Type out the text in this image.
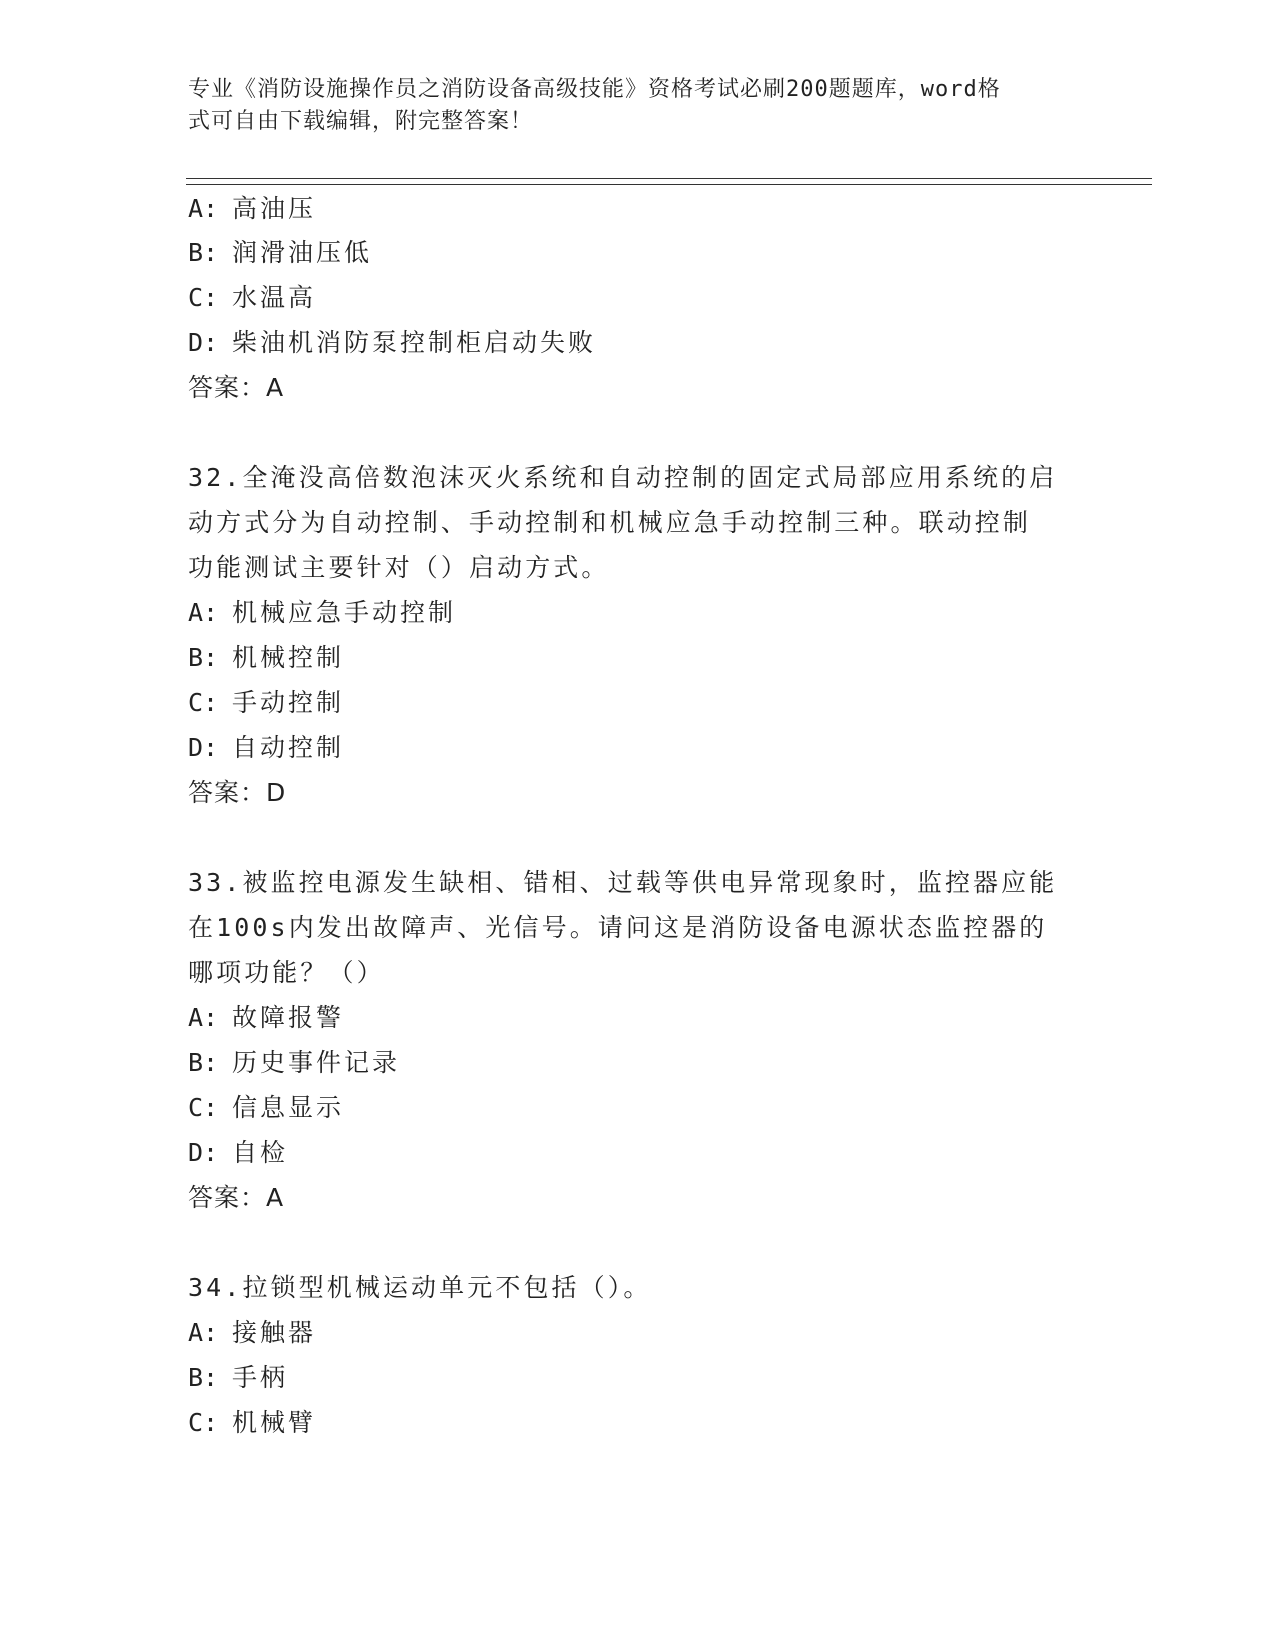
专业《消防设施操作员之消防设备高级技能》资格考试必刷200题题库，word格
式可自由下载编辑，附完整答案！
A: 高油压
B: 润滑油压低
C: 水温高
D: 柴油机消防泵控制柜启动失败
答案：A
32.全淹没高倍数泡沫灭火系统和自动控制的固定式局部应用系统的启
动方式分为自动控制、手动控制和机械应急手动控制三种。联动控制
功能测试主要针对（）启动方式。
A: 机械应急手动控制
B: 机械控制
C: 手动控制
D: 自动控制
答案：D
33.被监控电源发生缺相、错相、过载等供电异常现象时，监控器应能
在100s内发出故障声、光信号。请问这是消防设备电源状态监控器的
哪项功能？（）
A: 故障报警
B: 历史事件记录
C: 信息显示
D: 自检
答案：A
34.拉锁型机械运动单元不包括（）。
A: 接触器
B: 手柄
C: 机械臂
